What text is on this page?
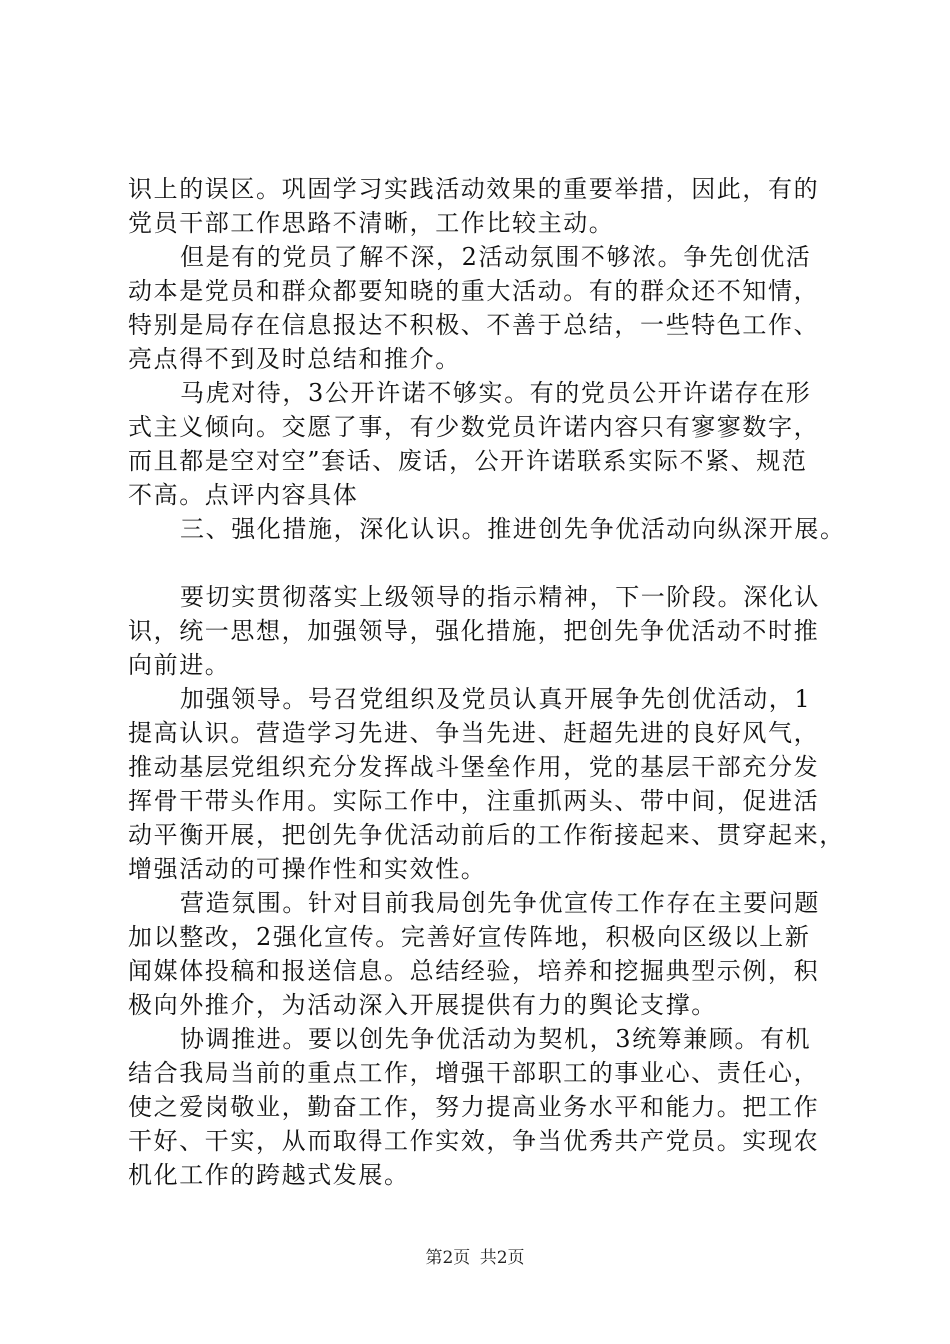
识上的误区。巩固学习实践活动效果的重要举措，因此，有的
党员干部工作思路不清晰，工作比较主动。
但是有的党员了解不深，2活动氛围不够浓。争先创优活
动本是党员和群众都要知晓的重大活动。有的群众还不知情，
特别是局存在信息报达不积极、不善于总结，一些特色工作、
亮点得不到及时总结和推介。
马虎对待，3公开许诺不够实。有的党员公开许诺存在形
式主义倾向。交愿了事，有少数党员许诺内容只有寥寥数字，
而且都是空对空”套话、废话，公开许诺联系实际不紧、规范
不高。点评内容具体
三、强化措施，深化认识。推进创先争优活动向纵深开展。
要切实贯彻落实上级领导的指示精神，下一阶段。深化认
识，统一思想，加强领导，强化措施，把创先争优活动不时推
向前进。
加强领导。号召党组织及党员认真开展争先创优活动，1
提高认识。营造学习先进、争当先进、赶超先进的良好风气，
推动基层党组织充分发挥战斗堡垒作用，党的基层干部充分发
挥骨干带头作用。实际工作中，注重抓两头、带中间，促进活
动平衡开展，把创先争优活动前后的工作衔接起来、贯穿起来，
增强活动的可操作性和实效性。
营造氛围。针对目前我局创先争优宣传工作存在主要问题
加以整改，2强化宣传。完善好宣传阵地，积极向区级以上新
闻媒体投稿和报送信息。总结经验，培养和挖掘典型示例，积
极向外推介，为活动深入开展提供有力的舆论支撑。
协调推进。要以创先争优活动为契机，3统筹兼顾。有机
结合我局当前的重点工作，增强干部职工的事业心、责任心，
使之爱岗敬业，勤奋工作，努力提高业务水平和能力。把工作
干好、干实，从而取得工作实效，争当优秀共产党员。实现农
机化工作的跨越式发展。
第2页 共2页
